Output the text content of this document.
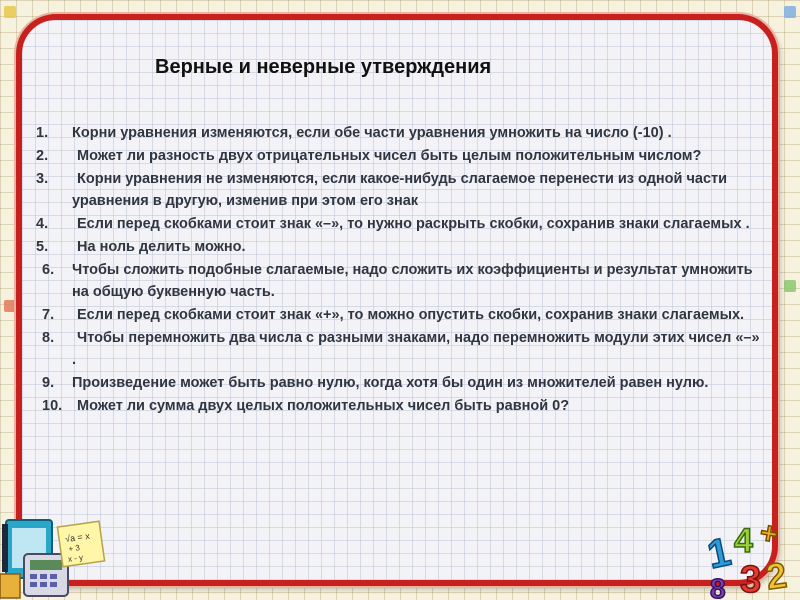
Верные и неверные утверждения
1. Корни уравнения изменяются, если обе части уравнения умножить на число (-10) .
2.	Может ли разность двух отрицательных чисел быть целым положительным числом?
3.	Корни уравнения не изменяются, если какое-нибудь слагаемое перенести из одной части уравнения в другую, изменив при этом его знак
4.	Если перед скобками стоит знак «–», то нужно раскрыть скобки, сохранив знаки слагаемых .
5.	На ноль делить можно.
6. Чтобы сложить подобные слагаемые, надо сложить их коэффициенты и результат умножить на общую буквенную часть.
7.	Если перед скобками стоит знак «+», то можно опустить скобки, сохранив знаки слагаемых.
8.	Чтобы перемножить два числа с разными знаками, надо перемножить модули этих чисел «–» .
9. Произведение может быть равно нулю, когда хотя бы один из множителей равен нулю.
10.	Может ли сумма двух целых положительных чисел быть равной 0?
√a = x
+ 3
x - y	1 4 +
3 2
8
